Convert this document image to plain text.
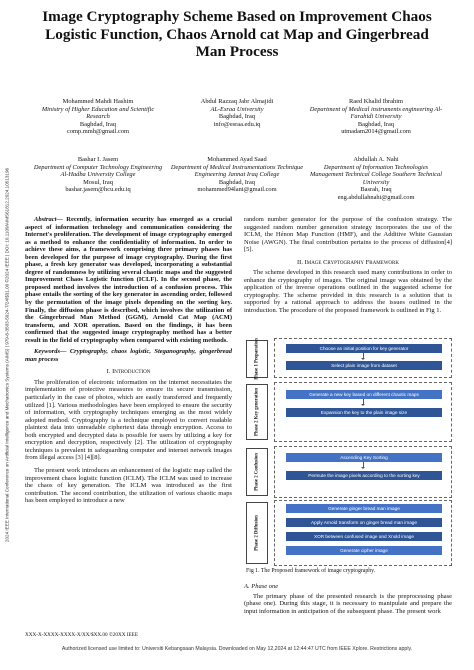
Image Cryptography Scheme Based on Improvement Chaos Logistic Function, Chaos Arnold cat Map and Gingerbread Man Process
Mohammed Mahdi Hashim
Ministry of Higher Education and Scientific Research
Baghdad, Iraq
comp.mmh@gmail.com
Abdul Razzaq Jabr Almajidi
AL-Esraa University
Baghdad, Iraq
info@esraa.edu.iq
Raed Khalid Ibrahim
Department of Medical instruments engineering Al-Farahidi University
Baghdad, Iraq
utmadam2014@gmail.com
Bashar I. Jasem
Department of Computer Technology Engineering Al-Hadba University College
Mosul, Iraq
bashar.jasem@hcu.edu.iq
Mohammed Ayad Saad
Department of Medical Instrumentations Technique Engineering Jannat Iraq College
Baghdad, Iraq
mohammed94lani@gmail.com
Abdullah A. Nahi
Department of Information Technologies Management Technical College Southern Technical University
Basrah, Iraq
eng.abdullahnahi@gmail.com
2024 IEEE International Conference on Artificial Intelligence and Mechatronics Systems (AIMS) | 979-8-3503-5024-7/24/$31.00 ©2024 IEEE | DOI: 10.1109/AIMS61812.2024.10513196	Abstract— Recently, information security has emerged as a crucial aspect of information technology and communication considering the Internet's proliferation. The development of image cryptography emerged as a method to enhance the confidentiality of information. In order to achieve these aims, a framework comprising three primary phases has been developed for the purpose of image cryptography. During the first phase, a fresh key generator was developed, incorporating a substantial degree of randomness by utilizing several chaotic maps and the suggested Improvement Chaos Logistic function (ICLF). In the second phase, the proposed method involves the introduction of a confusion process. This phase entails the sorting of the key generator in ascending order, followed by the permutation of the image pixels depending on the sorting key. Finally, the diffusion phase is described, which involves the utilization of the Gingerbread Man Method (GGM), Arnold Cat Map (ACM) transform, and XOR operation. Based on the findings, it has been confirmed that the suggested image cryptography method has a better result in the field of cryptography when compared with existing methods.

Keywords— Cryptography, chaos logistic, Steganography, gingerbread man process

I. Introduction

The proliferation of electronic information on the internet necessitates the implementation of protective measures to ensure its secure transmission, particularly in the case of photos, which are easily transferred and frequently utilized [1]. Various methodologies have been employed to ensure the security of information, with cryptography techniques emerging as the most widely adopted method. Cryptography is a technique employed to convert readable plaintext data into unreadable ciphertext data through encryption. Access to both encrypted and decrypted data is possible for users by utilizing a key for encryption and decryption, respectively [2]. The utilization of cryptography techniques is prevalent in safeguarding computer and internet network images from illegal access [3] [4][8].

The present work introduces an enhancement of the logistic map called the improvement chaos logistic function (ICLM). The ICLM was used to increase the chaos of key generation. The ICLM was introduced as the first contribution. The second contribution, the utilization of various chaotic maps has been employed to introduce a new

random number generator for the purpose of the confusion strategy. The suggested random number generation strategy incorporates the use of the ICLM, the Hénon Map Function (HMF), and the Additive White Gaussian Noise (AWGN). The final contribution pertains to the process of diffusion[4][5].

II. Image Cryptography Framework

The scheme developed in this research used many contributions in order to enhance the cryptography of images. The original image was obtained by the application of the inverse operations outlined in the suggested scheme for cryptography. The scheme provided in this research is a solution that is supported by a rational approach to address the issues outlined in the introduction. The procedure of the proposed framework is outlined in Fig 1.

Phase 1 Preparation	Choose an initial position for key generator
Select plain image from dataset
Phase 2 Key generation	Generate a new key based on different chaotic maps
Expansion the key to the plain image size
Phase 2 Confusion	Ascending Key Sorting
Permute the image pixels according to the sorting key
Phase 2 Diffusion
Generate ginger bread man image
Apply Arnold transform on ginger bread man image
XOR between confused image and Xnold image
Generate cipher image
Fig 1. The Proposed framework of image cryptography.

A. Phase one

The primary phase of the presented research is the preprocessing phase (phase one). During this stage, it is necessary to manipulate and prepare the input information in anticipation of the subsequent phase. The present work

XXX-X-XXXX-XXXX-X/XX/$XX.00 ©20XX IEEE
Authorized licensed use limited to: Universiti Kebangsaan Malaysia. Downloaded on May 12,2024 at 12:44:47 UTC from IEEE Xplore. Restrictions apply.
